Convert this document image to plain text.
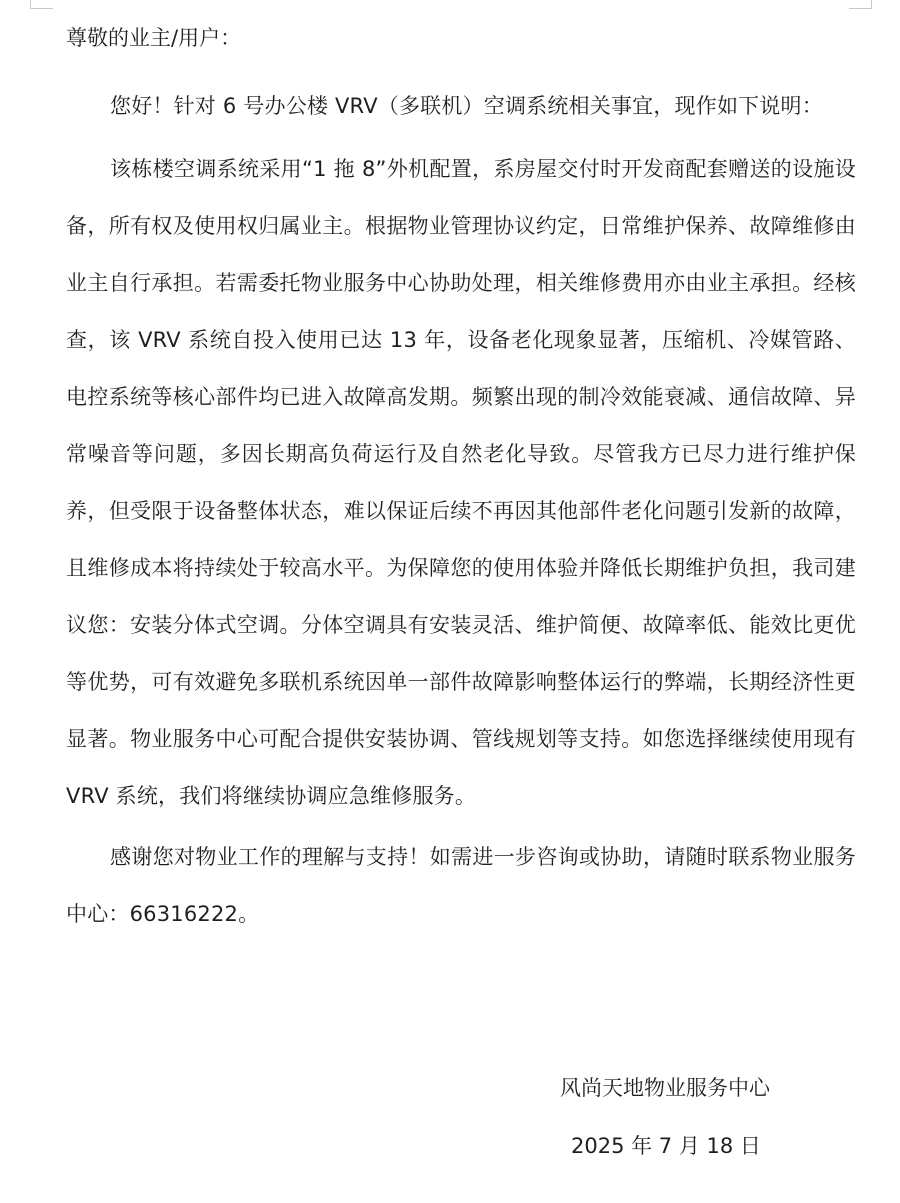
尊敬的业主/用户：

您好！针对 6 号办公楼 VRV（多联机）空调系统相关事宜，现作如下说明：

该栋楼空调系统采用“1 拖 8”外机配置，系房屋交付时开发商配套赠送的设施设备，所有权及使用权归属业主。根据物业管理协议约定，日常维护保养、故障维修由业主自行承担。若需委托物业服务中心协助处理，相关维修费用亦由业主承担。经核查，该 VRV 系统自投入使用已达 13 年，设备老化现象显著，压缩机、冷媒管路、电控系统等核心部件均已进入故障高发期。频繁出现的制冷效能衰减、通信故障、异常噪音等问题，多因长期高负荷运行及自然老化导致。尽管我方已尽力进行维护保养，但受限于设备整体状态，难以保证后续不再因其他部件老化问题引发新的故障，且维修成本将持续处于较高水平。为保障您的使用体验并降低长期维护负担，我司建议您：安装分体式空调。分体空调具有安装灵活、维护简便、故障率低、能效比更优等优势，可有效避免多联机系统因单一部件故障影响整体运行的弊端，长期经济性更显著。物业服务中心可配合提供安装协调、管线规划等支持。如您选择继续使用现有 VRV 系统，我们将继续协调应急维修服务。

感谢您对物业工作的理解与支持！如需进一步咨询或协助，请随时联系物业服务中心：66316222。

风尚天地物业服务中心

2025 年 7 月 18 日
